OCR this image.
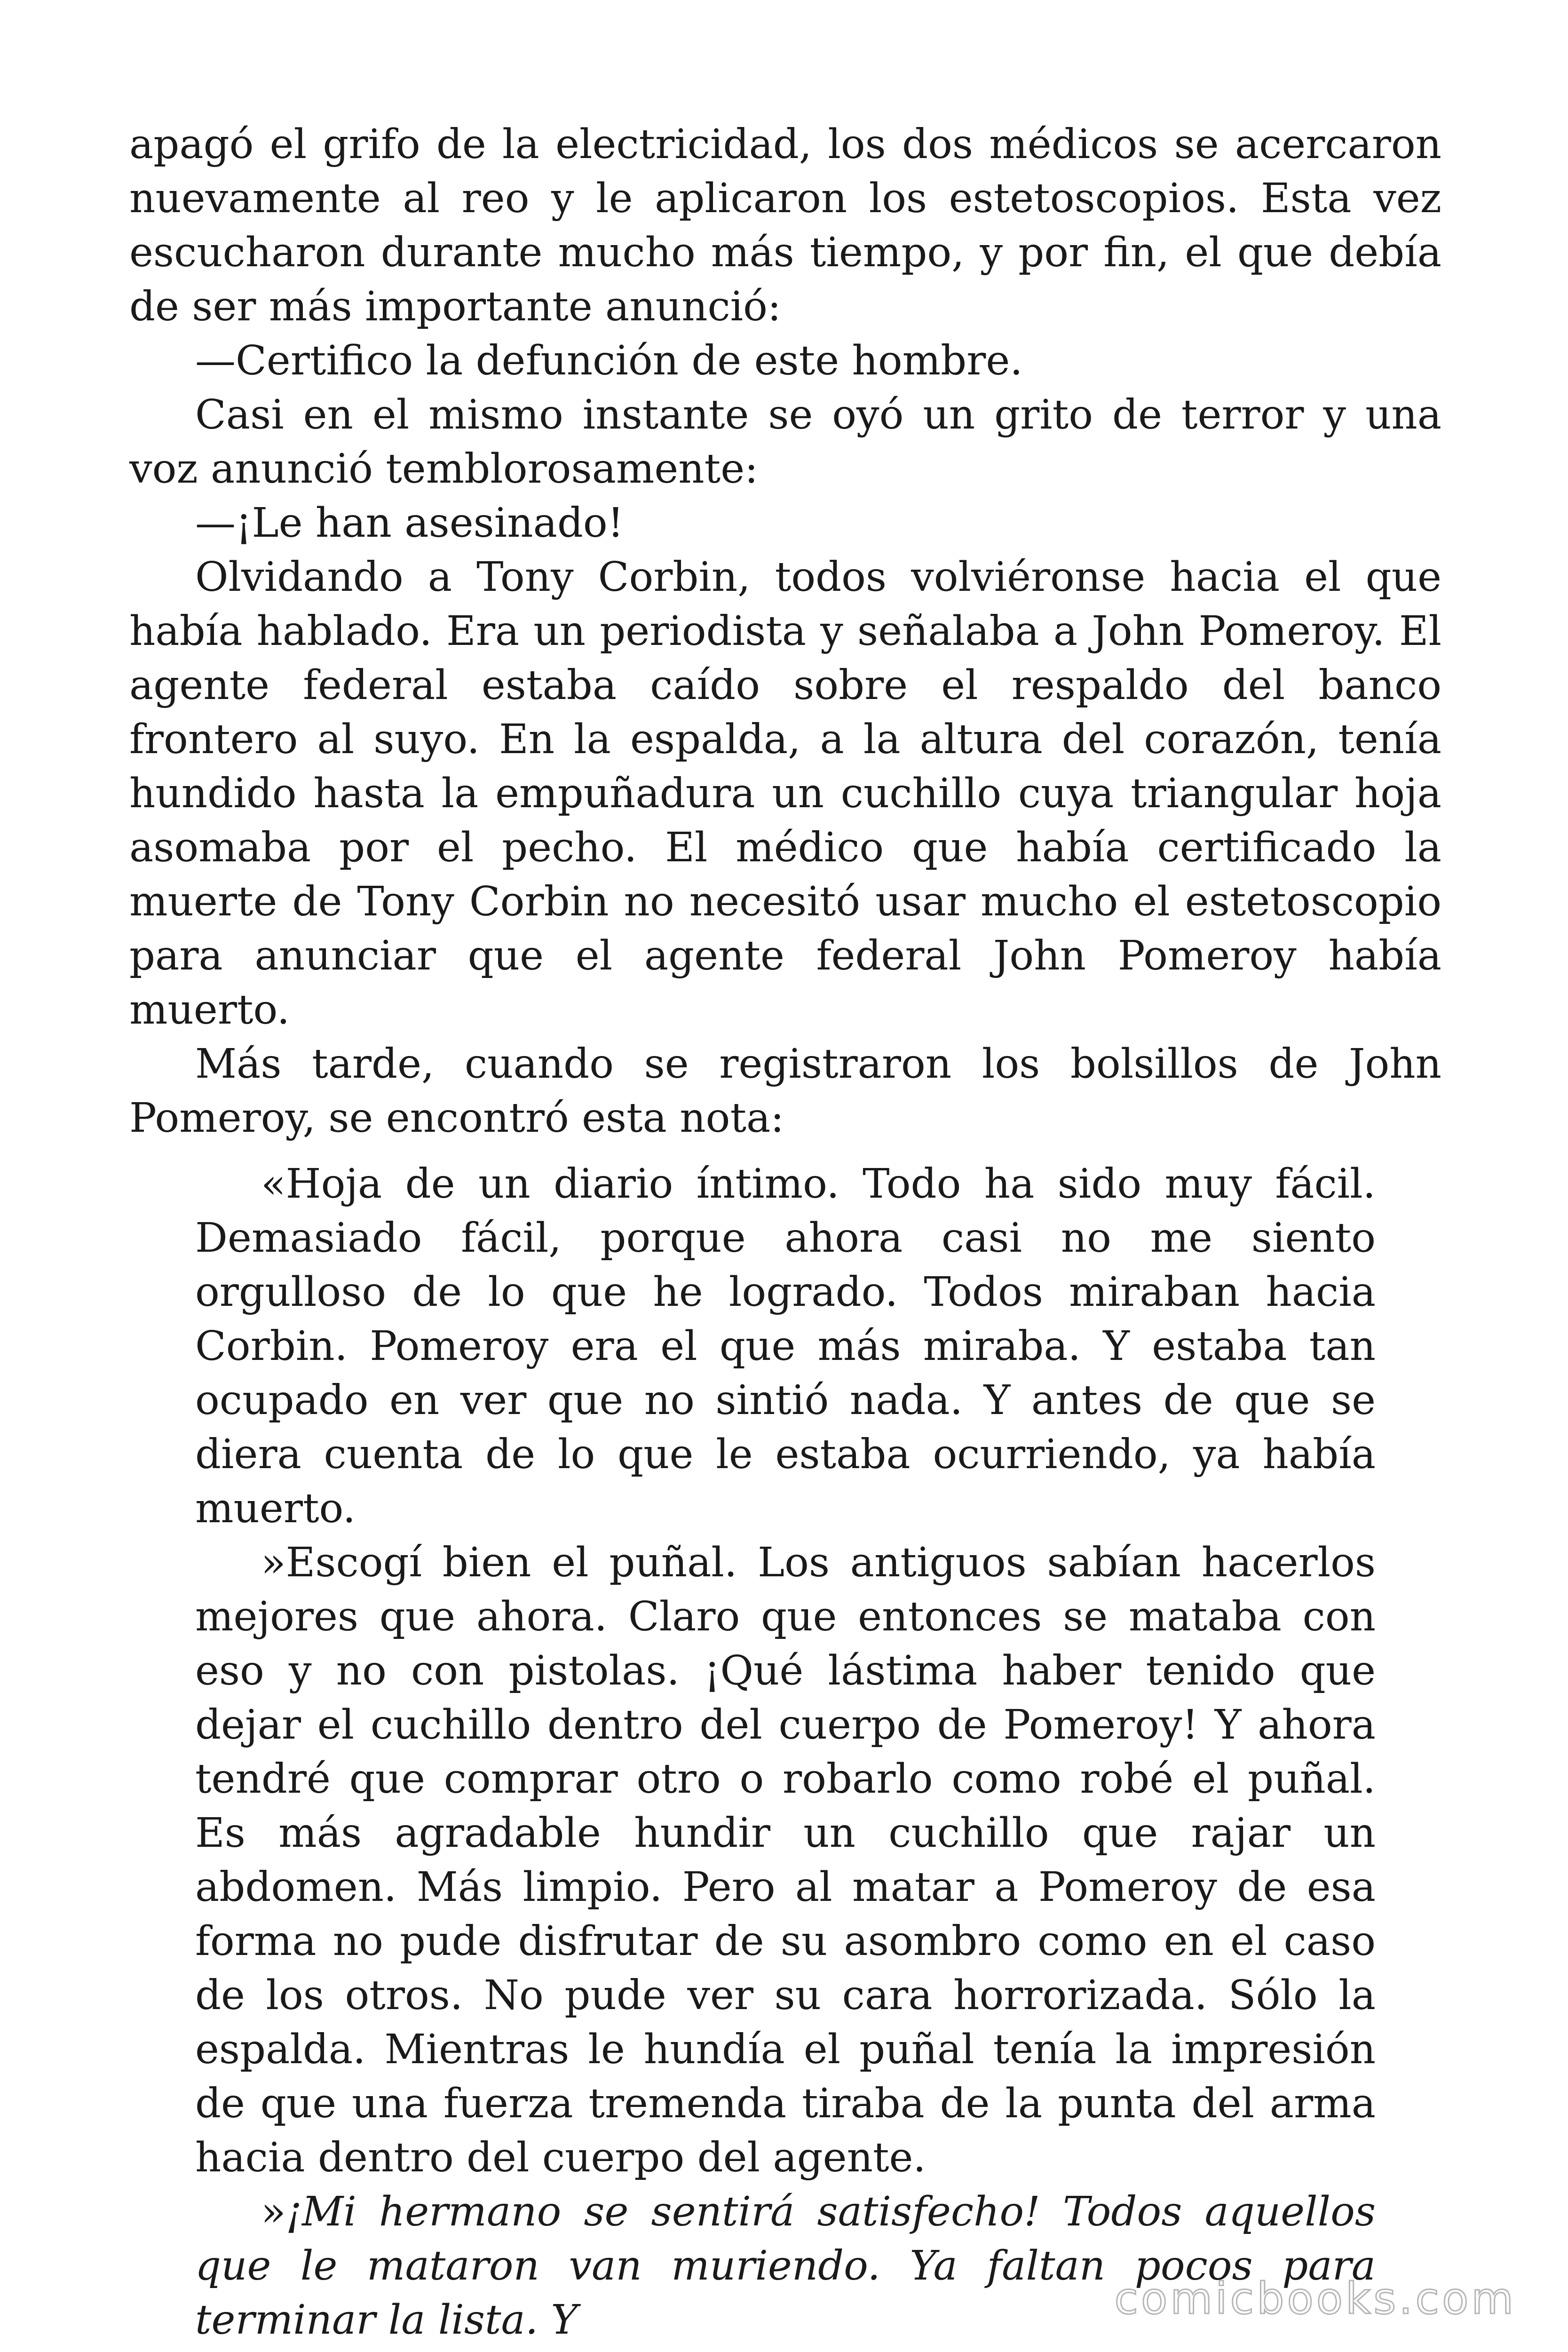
apagó el grifo de la electricidad, los dos médicos se acercaron nuevamente al reo y le aplicaron los estetoscopios. Esta vez escucharon durante mucho más tiempo, y por fin, el que debía de ser más importante anunció:

—Certifico la defunción de este hombre.

Casi en el mismo instante se oyó un grito de terror y una voz anunció temblorosamente:

—¡Le han asesinado!

Olvidando a Tony Corbin, todos volviéronse hacia el que había hablado. Era un periodista y señalaba a John Pomeroy. El agente federal estaba caído sobre el respaldo del banco frontero al suyo. En la espalda, a la altura del corazón, tenía hundido hasta la empuñadura un cuchillo cuya triangular hoja asomaba por el pecho. El médico que había certificado la muerte de Tony Corbin no necesitó usar mucho el estetoscopio para anunciar que el agente federal John Pomeroy había muerto.

Más tarde, cuando se registraron los bolsillos de John Pomeroy, se encontró esta nota:

«Hoja de un diario íntimo. Todo ha sido muy fácil. Demasiado fácil, porque ahora casi no me siento orgulloso de lo que he logrado. Todos miraban hacia Corbin. Pomeroy era el que más miraba. Y estaba tan ocupado en ver que no sintió nada. Y antes de que se diera cuenta de lo que le estaba ocurriendo, ya había muerto.

»Escogí bien el puñal. Los antiguos sabían hacerlos mejores que ahora. Claro que entonces se mataba con eso y no con pistolas. ¡Qué lástima haber tenido que dejar el cuchillo dentro del cuerpo de Pomeroy! Y ahora tendré que comprar otro o robarlo como robé el puñal. Es más agradable hundir un cuchillo que rajar un abdomen. Más limpio. Pero al matar a Pomeroy de esa forma no pude disfrutar de su asombro como en el caso de los otros. No pude ver su cara horrorizada. Sólo la espalda. Mientras le hundía el puñal tenía la impresión de que una fuerza tremenda tiraba de la punta del arma hacia dentro del cuerpo del agente.

»¡Mi hermano se sentirá satisfecho! Todos aquellos que le mataron van muriendo. Ya faltan pocos para terminar la lista. Y	comicbooks.com
